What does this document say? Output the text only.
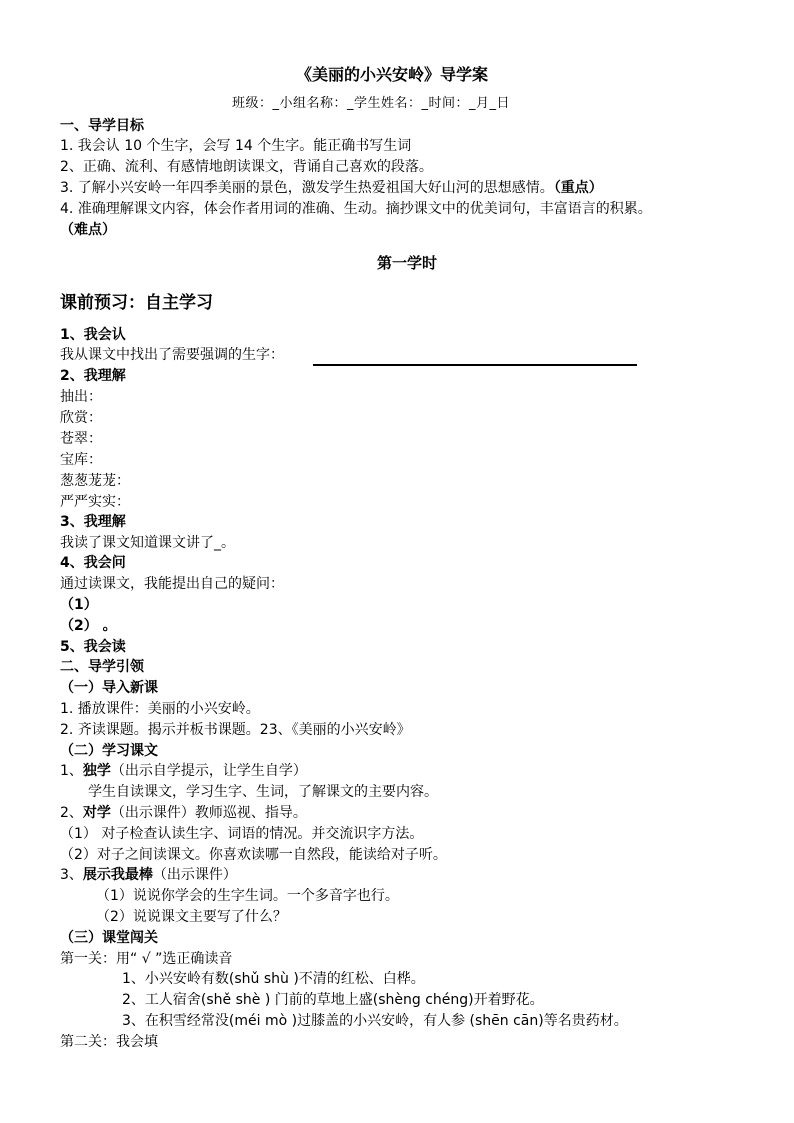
《美丽的小兴安岭》导学案
班级：_小组名称：_学生姓名：_时间：_月_日
一、导学目标
1. 我会认 10 个生字，会写 14 个生字。能正确书写生词
2、正确、流利、有感情地朗读课文，背诵自己喜欢的段落。
3. 了解小兴安岭一年四季美丽的景色，激发学生热爱祖国大好山河的思想感情。（重点）
4. 准确理解课文内容，体会作者用词的准确、生动。摘抄课文中的优美词句，丰富语言的积累。
（难点）
第一学时
课前预习：自主学习
1、我会认
我从课文中找出了需要强调的生字：
2、我理解
抽出：
欣赏：
苍翠：
宝库：
葱葱茏茏：
严严实实：
3、我理解
我读了课文知道课文讲了_。
4、我会问
通过读课文，我能提出自己的疑问：
（1）
（2） 。
5、我会读
二、导学引领
（一）导入新课
1. 播放课件：美丽的小兴安岭。
2. 齐读课题。揭示并板书课题。23、《美丽的小兴安岭》
（二）学习课文
1、独学（出示自学提示，让学生自学）
学生自读课文，学习生字、生词，了解课文的主要内容。
2、对学（出示课件）教师巡视、指导。
（1） 对子检查认读生字、词语的情况。并交流识字方法。
（2）对子之间读课文。你喜欢读哪一自然段，能读给对子听。
3、展示我最棒（出示课件）
（1）说说你学会的生字生词。一个多音字也行。
（2）说说课文主要写了什么？
（三）课堂闯关
第一关：用“ √ ”选正确读音
1、小兴安岭有数(shǔ shù )不清的红松、白桦。
2、工人宿舍(shě shè ) 门前的草地上盛(shèng chéng)开着野花。
3、在积雪经常没(méi mò )过膝盖的小兴安岭，有人参 (shēn cān)等名贵药材。
第二关：我会填
